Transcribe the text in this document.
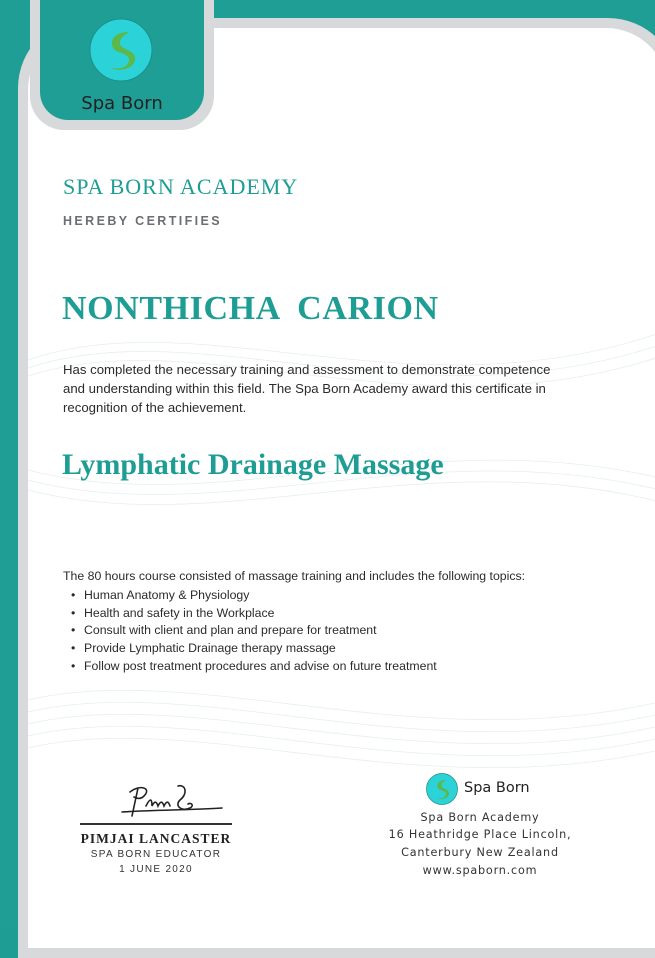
Spa Born
SPA BORN ACADEMY
HEREBY CERTIFIES
NONTHICHA  CARION
Has completed the necessary training and assessment to demonstrate competence and understanding within this field. The Spa Born Academy award this certificate in recognition of the achievement.
Lymphatic Drainage Massage
The 80 hours course consisted of massage training and includes the following topics:
• Human Anatomy & Physiology
• Health and safety in the Workplace
• Consult with client and plan and prepare for treatment
• Provide Lymphatic Drainage therapy massage
• Follow post treatment procedures and advise on future treatment
PIMJAI LANCASTER
SPA BORN EDUCATOR
1 JUNE 2020
Spa Born
Spa Born Academy
16 Heathridge Place Lincoln,
Canterbury New Zealand
www.spaborn.com
